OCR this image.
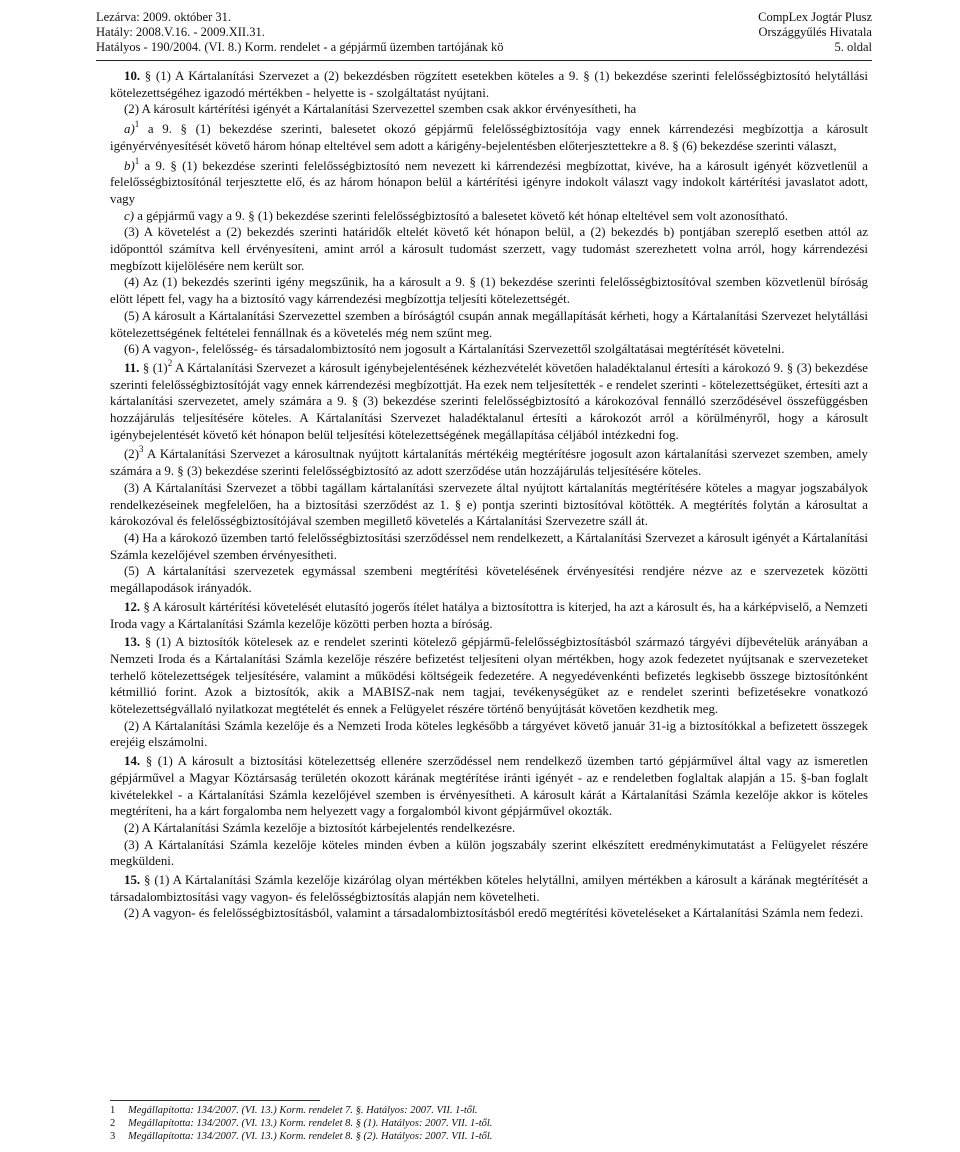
Lezárva: 2009. október 31.
Hatály: 2008.V.16. - 2009.XII.31.
Hatályos - 190/2004. (VI. 8.) Korm. rendelet - a gépjármű üzemben tartójának kö
CompLex Jogtár Plusz
Országgyűlés Hivatala
5. oldal

10. § (1) A Kártalanítási Szervezet a (2) bekezdésben rögzített esetekben köteles a 9. § (1) bekezdése szerinti felelősségbiztosító helytállási kötelezettségéhez igazodó mértékben - helyette is - szolgáltatást nyújtani.

(2) A károsult kártérítési igényét a Kártalanítási Szervezettel szemben csak akkor érvényesítheti, ha

a)$^1$ a 9. § (1) bekezdése szerinti, balesetet okozó gépjármű felelősségbiztosítója vagy ennek kárrendezési megbízottja a károsult igényérvényesítését követő három hónap elteltével sem adott a kárigény-bejelentésben előterjesztettekre a 8. § (6) bekezdése szerinti választ,

b)$^1$ a 9. § (1) bekezdése szerinti felelősségbiztosító nem nevezett ki kárrendezési megbízottat, kivéve, ha a károsult igényét közvetlenül a felelősségbiztosítónál terjesztette elő, és az három hónapon belül a kártérítési igényre indokolt választ vagy indokolt kártérítési javaslatot adott, vagy

c) a gépjármű vagy a 9. § (1) bekezdése szerinti felelősségbiztosító a balesetet követő két hónap elteltével sem volt azonosítható.

(3) A követelést a (2) bekezdés szerinti határidők eltelét követő két hónapon belül, a (2) bekezdés b) pontjában szereplő esetben attól az időponttól számítva kell érvényesíteni, amint arról a károsult tudomást szerzett, vagy tudomást szerezhetett volna arról, hogy kárrendezési megbízott kijelölésére nem került sor.

(4) Az (1) bekezdés szerinti igény megszűnik, ha a károsult a 9. § (1) bekezdése szerinti felelősségbiztosítóval szemben közvetlenül bíróság elött lépett fel, vagy ha a biztosító vagy kárrendezési megbízottja teljesíti kötelezettségét.

(5) A károsult a Kártalanítási Szervezettel szemben a bíróságtól csupán annak megállapítását kérheti, hogy a Kártalanítási Szervezet helytállási kötelezettségének feltételei fennállnak és a követelés még nem szűnt meg.

(6) A vagyon-, felelősség- és társadalombiztosító nem jogosult a Kártalanítási Szervezettől szolgáltatásai megtérítését követelni.

11. § $(1)^2$ A Kártalanítási Szervezet a károsult igénybejelentésének kézhezvételét követően haladéktalanul értesíti a károkozó 9. § (3) bekezdése szerinti felelősségbiztosítóját vagy ennek kárrendezési megbízottját. Ha ezek nem teljesítették - e rendelet szerinti - kötelezettségüket, értesíti azt a kártalanítási szervezetet, amely számára a 9. § (3) bekezdése szerinti felelősségbiztosító a károkozóval fennálló szerződésével összefüggésben hozzájárulás teljesítésére köteles. A Kártalanítási Szervezet haladéktalanul értesíti a károkozót arról a körülményről, hogy a károsult igénybejelentését követő két hónapon belül teljesítési kötelezettségének megállapítása céljából intézkedni fog.

$(2)^3$ A Kártalanítási Szervezet a károsultnak nyújtott kártalanítás mértékéig megtérítésre jogosult azon kártalanítási szervezet szemben, amely számára a 9. § (3) bekezdése szerinti felelősségbiztosító az adott szerződése után hozzájárulás teljesítésére köteles.

(3) A Kártalanítási Szervezet a többi tagállam kártalanítási szervezete által nyújtott kártalanítás megtérítésére köteles a magyar jogszabályok rendelkezéseinek megfelelően, ha a biztosítási szerződést az 1. § e) pontja szerinti biztosítóval kötötték. A megtérítés folytán a károsultat a károkozóval és felelősségbiztosítójával szemben megillető követelés a Kártalanítási Szervezetre száll át.

(4) Ha a károkozó üzemben tartó felelősségbiztosítási szerződéssel nem rendelkezett, a Kártalanítási Szervezet a károsult igényét a Kártalanítási Számla kezelőjével szemben érvényesítheti.

(5) A kártalanítási szervezetek egymással szembeni megtérítési követelésének érvényesítési rendjére nézve az e szervezetek közötti megállapodások irányadók.

12. § A károsult kártérítési követelését elutasító jogerős ítélet hatálya a biztosítottra is kiterjed, ha azt a károsult és, ha a kárképviselő, a Nemzeti Iroda vagy a Kártalanítási Számla kezelője közötti perben hozta a bíróság.

13. § (1) A biztosítók kötelesek az e rendelet szerinti kötelező gépjármű-felelősségbiztosításból származó tárgyévi díjbevételük arányában a Nemzeti Iroda és a Kártalanítási Számla kezelője részére befizetést teljesíteni olyan mértékben, hogy azok fedezetet nyújtsanak e szervezeteket terhelő kötelezettségek teljesítésére, valamint a működési költségeik fedezetére. A negyedévenkénti befizetés legkisebb összege biztosítónként kétmillió forint. Azok a biztosítók, akik a MABISZ-nak nem tagjai, tevékenységüket az e rendelet szerinti befizetésekre vonatkozó kötelezettségvállaló nyilatkozat megtételét és ennek a Felügyelet részére történő benyújtását követően kezdhetik meg.

(2) A Kártalanítási Számla kezelője és a Nemzeti Iroda köteles legkésőbb a tárgyévet követő január 31-ig a biztosítókkal a befizetett összegek erejéig elszámolni.

14. § (1) A károsult a biztosítási kötelezettség ellenére szerződéssel nem rendelkező üzemben tartó gépjárművel által vagy az ismeretlen gépjárművel a Magyar Köztársaság területén okozott kárának megtérítése iránti igényét - az e rendeletben foglaltak alapján a 15. §-ban foglalt kivételekkel - a Kártalanítási Számla kezelőjével szemben is érvényesítheti. A károsult kárát a Kártalanítási Számla kezelője akkor is köteles megtéríteni, ha a kárt forgalomba nem helyezett vagy a forgalomból kivont gépjárművel okozták.

(2) A Kártalanítási Számla kezelője a biztosítót kárbejelentés rendelkezésre.

(3) A Kártalanítási Számla kezelője köteles minden évben a külön jogszabály szerint elkészített eredménykimutatást a Felügyelet részére megküldeni.

15. § (1) A Kártalanítási Számla kezelője kizárólag olyan mértékben köteles helytállni, amilyen mértékben a károsult a kárának megtérítését a társadalombiztosítási vagy vagyon- és felelősségbiztosítás alapján nem követelheti.

(2) A vagyon- és felelősségbiztosításból, valamint a társadalombiztosításból eredő megtérítési követeléseket a Kártalanítási Számla nem fedezi.

1 Megállapította: 134/2007. (VI. 13.) Korm. rendelet 7. §. Hatályos: 2007. VII. 1-től.
2 Megállapította: 134/2007. (VI. 13.) Korm. rendelet 8. § (1). Hatályos: 2007. VII. 1-től.
3 Megállapította: 134/2007. (VI. 13.) Korm. rendelet 8. § (2). Hatályos: 2007. VII. 1-től.
